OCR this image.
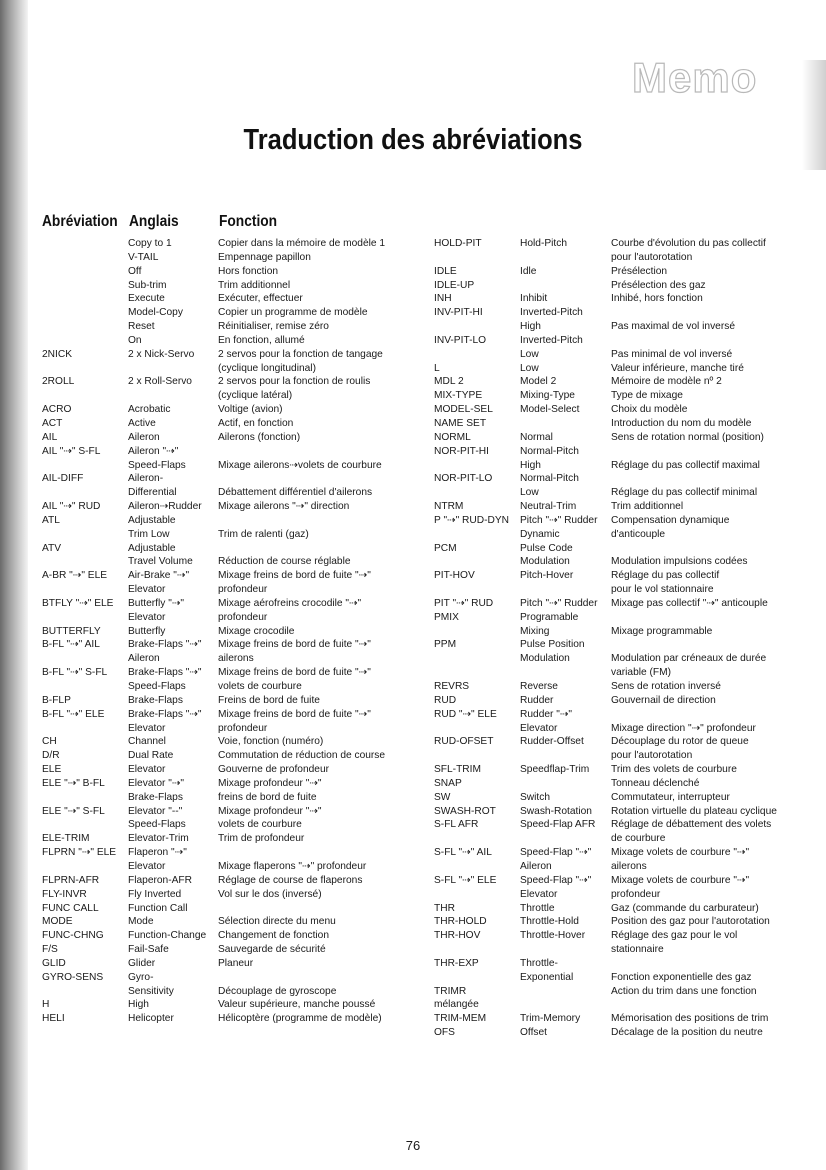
Memo
Traduction des abréviations
Abréviation Anglais	Fonction
2NICK
2ROLL
ACRO
ACT
AIL
AIL "⇢" S-FL
AIL-DIFF
AIL "⇢" RUD
ATL
ATV
A-BR "⇢" ELE
BTFLY "⇢" ELE
BUTTERFLY
B-FL "⇢" AIL
B-FL "⇢" S-FL
B-FLP
B-FL "⇢" ELE
CH
D/R
ELE
ELE "⇢" B-FL
ELE "⇢" S-FL
ELE-TRIM
FLPRN "⇢" ELE
FLPRN-AFR
FLY-INVR
FUNC CALL
MODE
FUNC-CHNG
F/S
GLID
GYRO-SENS
H
HELI
Copy to 1
V-TAIL
Off
Sub-trim
Execute
Model-Copy
Reset
On
2 x Nick-Servo
2 x Roll-Servo
Acrobatic
Active
Aileron
Aileron "⇢"
Speed-Flaps
Aileron-
Differential
Aileron⇢Rudder
Adjustable
Trim Low
Adjustable
Travel Volume
Air-Brake "⇢"
Elevator
Butterfly "⇢"
Elevator
Butterfly
Brake-Flaps "⇢"
Aileron
Brake-Flaps "⇢"
Speed-Flaps
Brake-Flaps
Brake-Flaps "⇢"
Elevator
Channel
Dual Rate
Elevator
Elevator "⇢"
Brake-Flaps
Elevator "--"
Speed-Flaps
Elevator-Trim
Flaperon "⇢"
Elevator
Flaperon-AFR
Fly Inverted
Function Call
Mode
Function-Change
Fail-Safe
Glider
Gyro-
Sensitivity
High
Helicopter
Copier dans la mémoire de modèle 1
Empennage papillon
Hors fonction
Trim additionnel
Exécuter, effectuer
Copier un programme de modèle
Réinitialiser, remise zéro
En fonction, allumé
2 servos pour la fonction de tangage
(cyclique longitudinal)
2 servos pour la fonction de roulis
(cyclique latéral)
Voltige (avion)
Actif, en fonction
Ailerons (fonction)
Mixage ailerons⇢volets de courbure
Débattement différentiel d'ailerons
Mixage ailerons "⇢" direction
Trim de ralenti (gaz)
Réduction de course réglable
Mixage freins de bord de fuite "⇢"
profondeur
Mixage aérofreins crocodile "⇢"
profondeur
Mixage crocodile
Mixage freins de bord de fuite "⇢"
ailerons
Mixage freins de bord de fuite "⇢"
volets de courbure
Freins de bord de fuite
Mixage freins de bord de fuite "⇢"
profondeur
Voie, fonction (numéro)
Commutation de réduction de course
Gouverne de profondeur
Mixage profondeur "⇢"
freins de bord de fuite
Mixage profondeur "⇢"
volets de courbure
Trim de profondeur
Mixage flaperons "⇢" profondeur
Réglage de course de flaperons
Vol sur le dos (inversé)
Sélection directe du menu
Changement de fonction
Sauvegarde de sécurité
Planeur
Découplage de gyroscope
Valeur supérieure, manche poussé
Hélicoptère (programme de modèle)
HOLD-PIT
IDLE
IDLE-UP
INH
INV-PIT-HI
INV-PIT-LO
L
MDL 2
MIX-TYPE
MODEL-SEL
NAME SET
NORML
NOR-PIT-HI
NOR-PIT-LO
NTRM
P "⇢" RUD-DYN
PCM
PIT-HOV
PIT "⇢" RUD
PMIX
PPM
REVRS
RUD
RUD "⇢" ELE
RUD-OFSET
SFL-TRIM
SNAP
SW
SWASH-ROT
S-FL AFR
S-FL "⇢" AIL
S-FL "⇢" ELE
THR
THR-HOLD
THR-HOV
THR-EXP
TRIMR
mélangée
TRIM-MEM
OFS
Hold-Pitch
Idle
Inhibit
Inverted-Pitch
High
Inverted-Pitch
Low
Low
Model 2
Mixing-Type
Model-Select
Normal
Normal-Pitch
High
Normal-Pitch
Low
Neutral-Trim
Pitch "⇢" Rudder
Dynamic
Pulse Code
Modulation
Pitch-Hover
Pitch "⇢" Rudder
Programable
Mixing
Pulse Position
Modulation
Reverse
Rudder
Rudder "⇢"
Elevator
Rudder-Offset
Speedflap-Trim
Switch
Swash-Rotation
Speed-Flap AFR
Speed-Flap "⇢"
Aileron
Speed-Flap "⇢"
Elevator
Throttle
Throttle-Hold
Throttle-Hover
Throttle-
Exponential
Trim-Memory
Offset
Courbe d'évolution du pas collectif
pour l'autorotation
Présélection
Présélection des gaz
Inhibé, hors fonction
Pas maximal de vol inversé
Pas minimal de vol inversé
Valeur inférieure, manche tiré
Mémoire de modèle nº 2
Type de mixage
Choix du modèle
Introduction du nom du modèle
Sens de rotation normal (position)
Réglage du pas collectif maximal
Réglage du pas collectif minimal
Trim additionnel
Compensation dynamique
d'anticouple
Modulation impulsions codées
Réglage du pas collectif
pour le vol stationnaire
Mixage pas collectif "⇢" anticouple
Mixage programmable
Modulation par créneaux de durée
variable (FM)
Sens de rotation inversé
Gouvernail de direction
Mixage direction "⇢" profondeur
Découplage du rotor de queue
pour l'autorotation
Trim des volets de courbure
Tonneau déclenché
Commutateur, interrupteur
Rotation virtuelle du plateau cyclique
Réglage de débattement des volets
de courbure
Mixage volets de courbure "⇢"
ailerons
Mixage volets de courbure "⇢"
profondeur
Gaz (commande du carburateur)
Position des gaz pour l'autorotation
Réglage des gaz pour le vol
stationnaire
Fonction exponentielle des gaz
Action du trim dans une fonction
Mémorisation des positions de trim
Décalage de la position du neutre
76
